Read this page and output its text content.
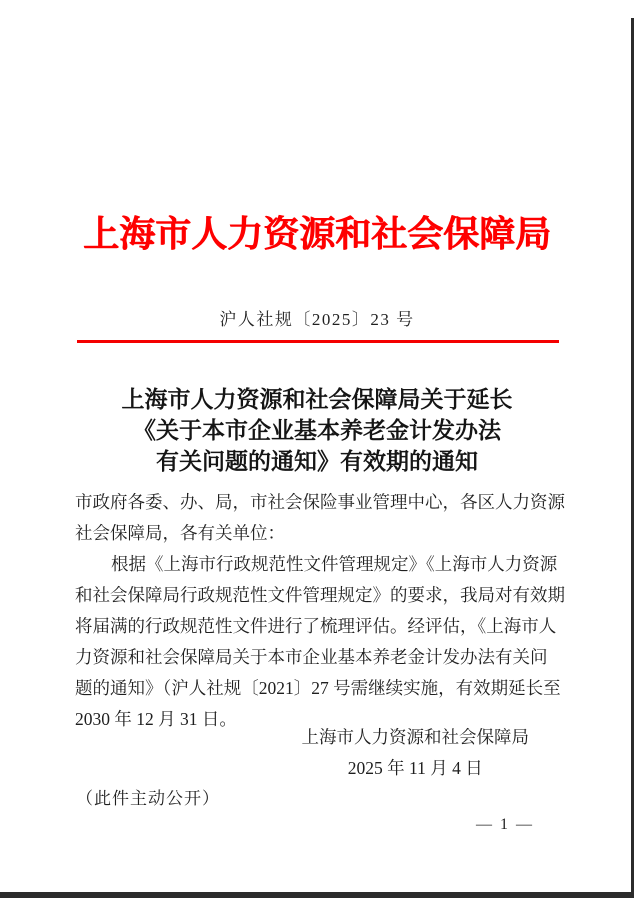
上海市人力资源和社会保障局
沪人社规〔2025〕23 号
上海市人力资源和社会保障局关于延长
《关于本市企业基本养老金计发办法
有关问题的通知》有效期的通知
市政府各委、办、局，市社会保险事业管理中心，各区人力资源
社会保障局，各有关单位：
根据《上海市行政规范性文件管理规定》《上海市人力资源
和社会保障局行政规范性文件管理规定》的要求，我局对有效期
将届满的行政规范性文件进行了梳理评估。经评估，《上海市人
力资源和社会保障局关于本市企业基本养老金计发办法有关问
题的通知》（沪人社规〔2021〕27 号需继续实施，有效期延长至
2030 年 12 月 31 日。
上海市人力资源和社会保障局
2025 年 11 月 4 日
（此件主动公开）
— 1 —
